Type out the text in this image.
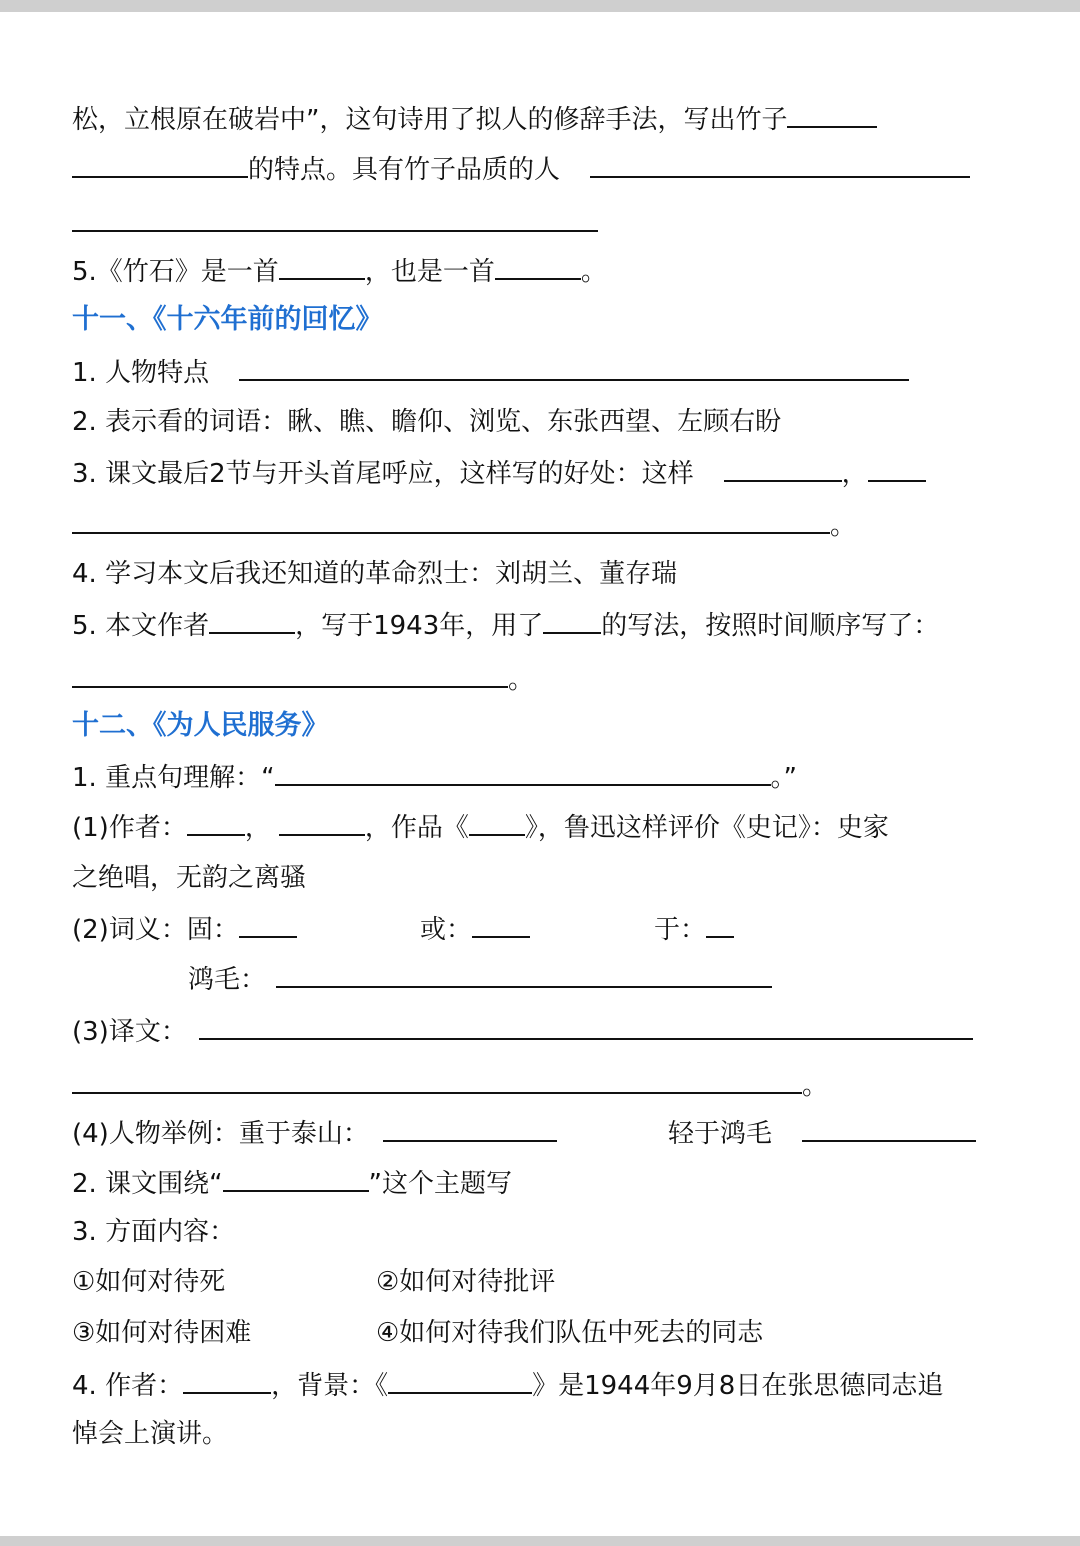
松，立根原在破岩中”，这句诗用了拟人的修辞手法，写出竹子
的特点。具有竹子品质的人
5.《竹石》是一首	，也是一首	。
十一、《十六年前的回忆》
1. 人物特点
2. 表示看的词语：瞅、瞧、瞻仰、浏览、东张西望、左顾右盼
3. 课文最后2节与开头首尾呼应，这样写的好处：这样	，
。
4. 学习本文后我还知道的革命烈士：刘胡兰、董存瑞
5. 本文作者	，写于1943年，用了 的写法，按照时间顺序写了：
。
十二、《为人民服务》
1. 重点句理解：“	。”
(1)作者： ，	，作品《 》，鲁迅这样评价《史记》：史家
之绝唱，无韵之离骚
(2)词义：固：	或：	于：
鸿毛：
(3)译文：
。
(4)人物举例：重于泰山：	轻于鸿毛
2. 课文围绕“	”这个主题写
3. 方面内容：
①如何对待死	②如何对待批评
③如何对待困难	④如何对待我们队伍中死去的同志
4. 作者：	，背景：《	》是1944年9月8日在张思德同志追
悼会上演讲。
